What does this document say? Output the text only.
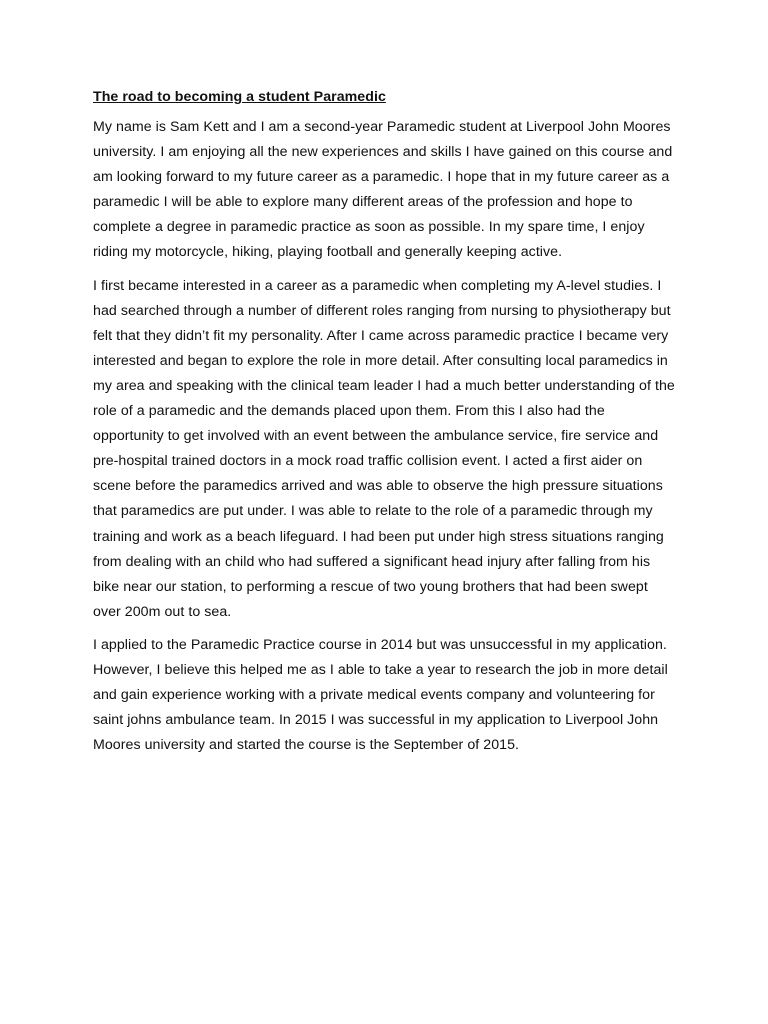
The road to becoming a student Paramedic

My name is Sam Kett and I am a second-year Paramedic student at Liverpool John Moores university. I am enjoying all the new experiences and skills I have gained on this course and am looking forward to my future career as a paramedic. I hope that in my future career as a paramedic I will be able to explore many different areas of the profession and hope to complete a degree in paramedic practice as soon as possible. In my spare time, I enjoy riding my motorcycle, hiking, playing football and generally keeping active.

I first became interested in a career as a paramedic when completing my A-level studies. I had searched through a number of different roles ranging from nursing to physiotherapy but felt that they didn’t fit my personality. After I came across paramedic practice I became very interested and began to explore the role in more detail. After consulting local paramedics in my area and speaking with the clinical team leader I had a much better understanding of the role of a paramedic and the demands placed upon them. From this I also had the opportunity to get involved with an event between the ambulance service, fire service and pre-hospital trained doctors in a mock road traffic collision event. I acted a first aider on scene before the paramedics arrived and was able to observe the high pressure situations that paramedics are put under. I was able to relate to the role of a paramedic through my training and work as a beach lifeguard. I had been put under high stress situations ranging from dealing with an child who had suffered a significant head injury after falling from his bike near our station, to performing a rescue of two young brothers that had been swept over 200m out to sea.

I applied to the Paramedic Practice course in 2014 but was unsuccessful in my application. However, I believe this helped me as I able to take a year to research the job in more detail and gain experience working with a private medical events company and volunteering for saint johns ambulance team. In 2015 I was successful in my application to Liverpool John Moores university and started the course is the September of 2015.
